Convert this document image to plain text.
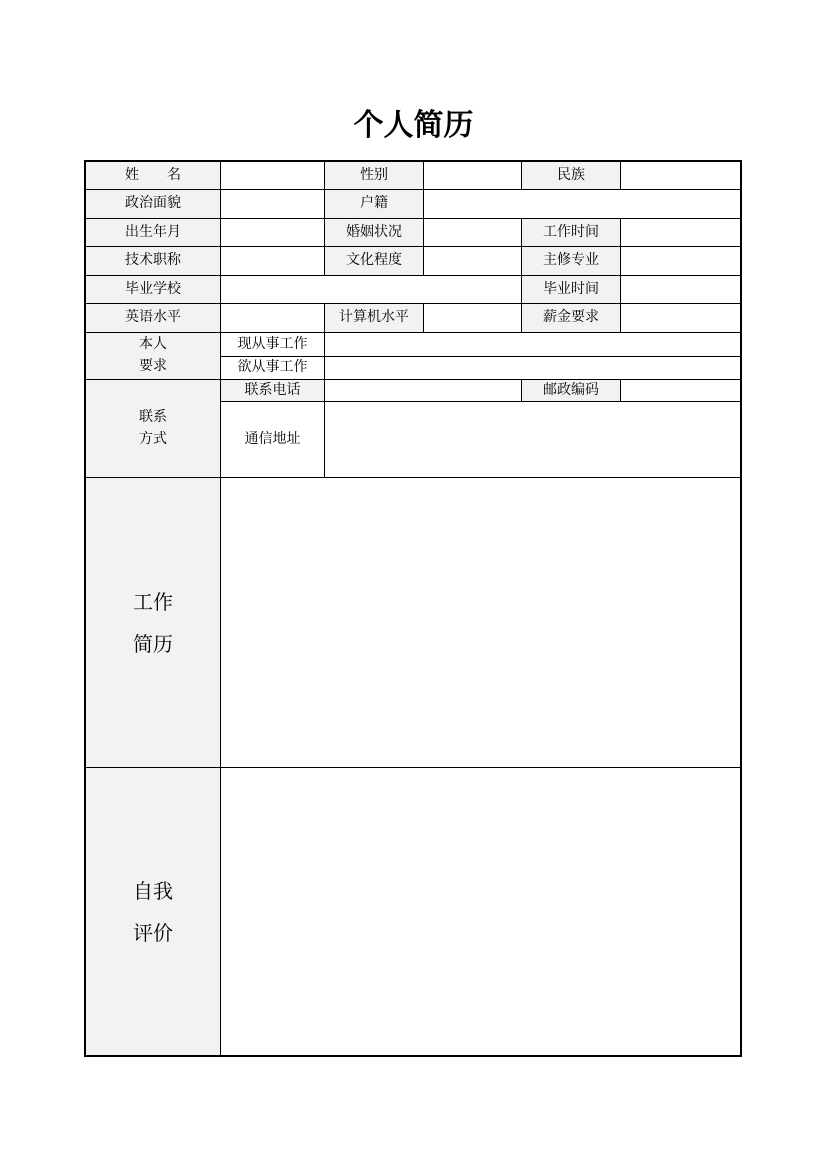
个人简历
姓　　名	性别	民族
政治面貌	户籍
出生年月	婚姻状况	工作时间
技术职称	文化程度	主修专业
毕业学校	毕业时间
英语水平	计算机水平	薪金要求
本人
要求
现从事工作
欲从事工作
联系
方式
联系电话	邮政编码
通信地址
工作
简历
自我
评价
